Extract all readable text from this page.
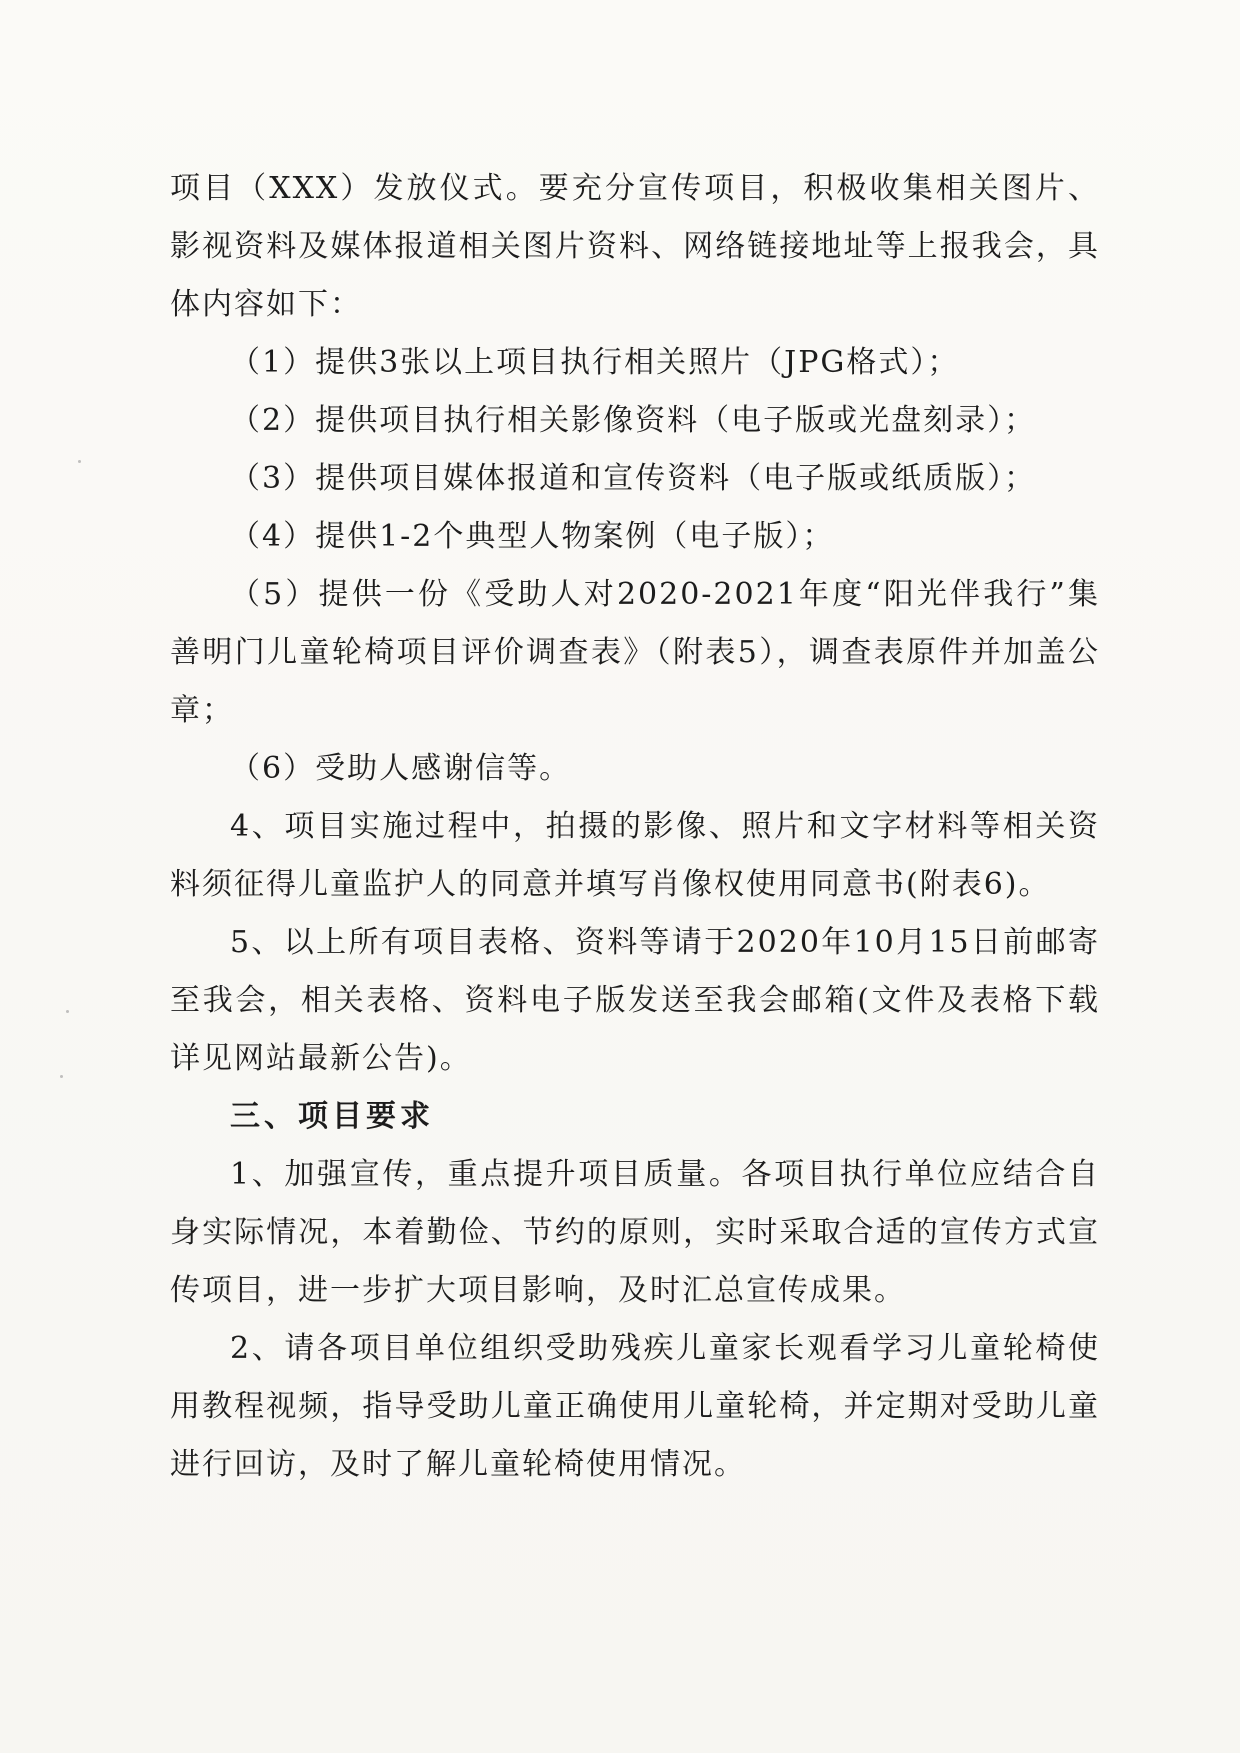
项目（XXX）发放仪式。要充分宣传项目，积极收集相关图片、影视资料及媒体报道相关图片资料、网络链接地址等上报我会，具体内容如下：

（1）提供3张以上项目执行相关照片（JPG格式）；

（2）提供项目执行相关影像资料（电子版或光盘刻录）；

（3）提供项目媒体报道和宣传资料（电子版或纸质版）；

（4）提供1-2个典型人物案例（电子版）；

（5）提供一份《受助人对2020-2021年度“阳光伴我行”集善明门儿童轮椅项目评价调查表》（附表5），调查表原件并加盖公章；

（6）受助人感谢信等。

4、项目实施过程中，拍摄的影像、照片和文字材料等相关资料须征得儿童监护人的同意并填写肖像权使用同意书(附表6)。

5、以上所有项目表格、资料等请于2020年10月15日前邮寄至我会，相关表格、资料电子版发送至我会邮箱(文件及表格下载详见网站最新公告)。

三、项目要求

1、加强宣传，重点提升项目质量。各项目执行单位应结合自身实际情况，本着勤俭、节约的原则，实时采取合适的宣传方式宣传项目，进一步扩大项目影响，及时汇总宣传成果。

2、请各项目单位组织受助残疾儿童家长观看学习儿童轮椅使用教程视频，指导受助儿童正确使用儿童轮椅，并定期对受助儿童进行回访，及时了解儿童轮椅使用情况。
